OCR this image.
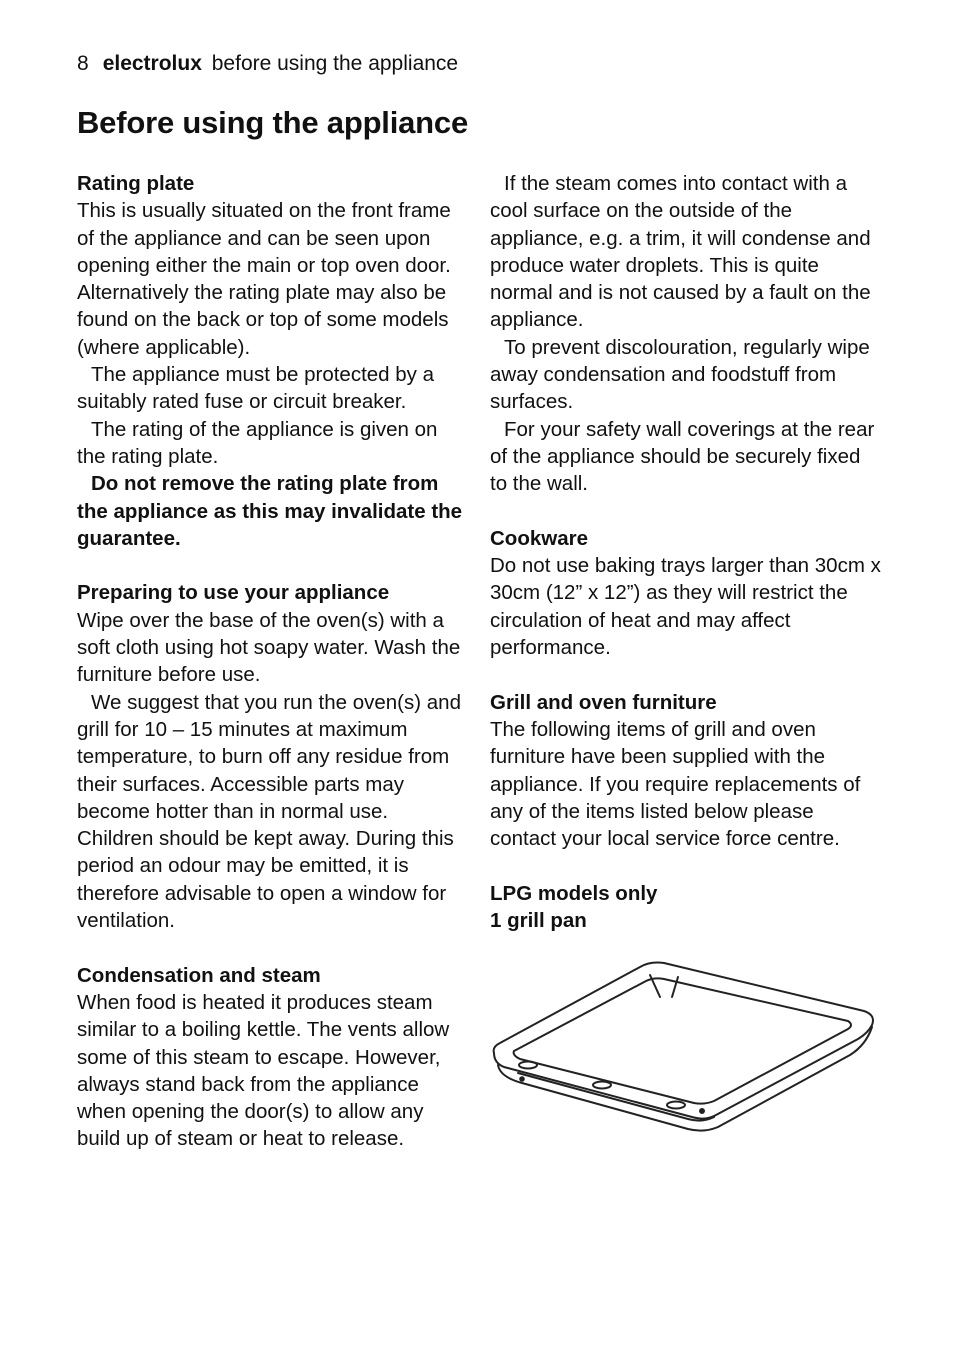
8 electrolux before using the appliance
Before using the appliance
Rating plate

This is usually situated on the front frame of the appliance and can be seen upon opening either the main or top oven door. Alternatively the rating plate may also be found on the back or top of some models (where applicable).

The appliance must be protected by a suitably rated fuse or circuit breaker.

The rating of the appliance is given on the rating plate.

Do not remove the rating plate from the appliance as this may invalidate the guarantee.

Preparing to use your appliance

Wipe over the base of the oven(s) with a soft cloth using hot soapy water. Wash the furniture before use.

We suggest that you run the oven(s) and grill for 10 – 15 minutes at maximum temperature, to burn off any residue from their surfaces. Accessible parts may become hotter than in normal use. Children should be kept away. During this period an odour may be emitted, it is therefore advisable to open a window for ventilation.

Condensation and steam

When food is heated it produces steam similar to a boiling kettle. The vents allow some of this steam to escape. However, always stand back from the appliance when opening the door(s) to allow any build up of steam or heat to release.

If the steam comes into contact with a cool surface on the outside of the appliance, e.g. a trim, it will condense and produce water droplets. This is quite normal and is not caused by a fault on the appliance.

To prevent discolouration, regularly wipe away condensation and foodstuff from surfaces.

For your safety wall coverings at the rear of the appliance should be securely fixed to the wall.

Cookware

Do not use baking trays larger than 30cm x 30cm (12” x 12”) as they will restrict the circulation of heat and may affect performance.

Grill and oven furniture

The following items of grill and oven furniture have been supplied with the appliance. If you require replacements of any of the items listed below please contact your local service force centre.

LPG models only
1 grill pan
